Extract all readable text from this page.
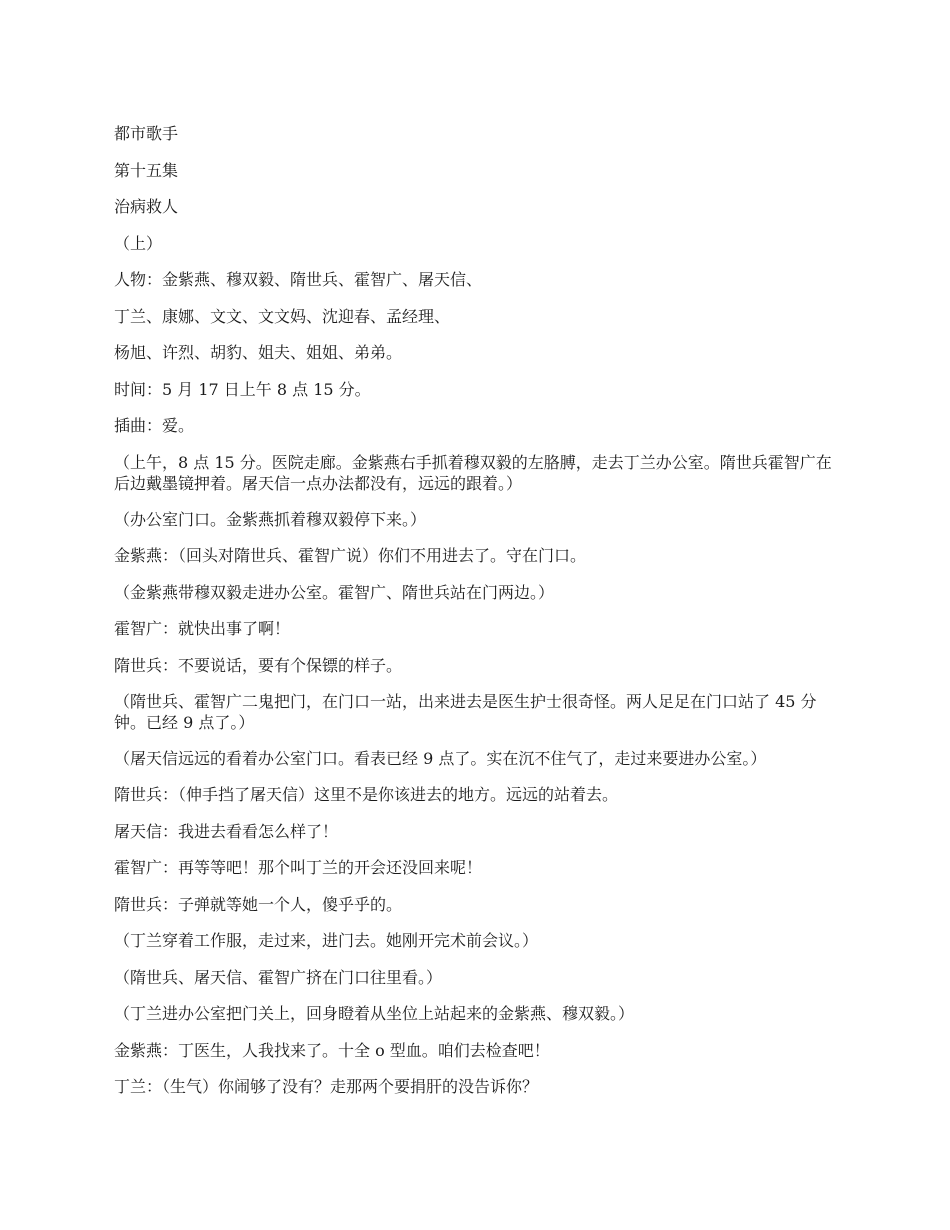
都市歌手

第十五集

治病救人

（上）

人物：金紫燕、穆双毅、隋世兵、霍智广、屠天信、

丁兰、康娜、文文、文文妈、沈迎春、孟经理、

杨旭、许烈、胡豹、姐夫、姐姐、弟弟。

时间：5 月 17 日上午 8 点 15 分。

插曲：爱。

（上午，8 点 15 分。医院走廊。金紫燕右手抓着穆双毅的左胳膊，走去丁兰办公室。隋世兵霍智广在后边戴墨镜押着。屠天信一点办法都没有，远远的跟着。）

（办公室门口。金紫燕抓着穆双毅停下来。）

金紫燕：（回头对隋世兵、霍智广说）你们不用进去了。守在门口。

（金紫燕带穆双毅走进办公室。霍智广、隋世兵站在门两边。）

霍智广：就快出事了啊！

隋世兵：不要说话，要有个保镖的样子。

（隋世兵、霍智广二鬼把门，在门口一站，出来进去是医生护士很奇怪。两人足足在门口站了 45 分钟。已经 9 点了。）

（屠天信远远的看着办公室门口。看表已经 9 点了。实在沉不住气了，走过来要进办公室。）

隋世兵：（伸手挡了屠天信）这里不是你该进去的地方。远远的站着去。

屠天信：我进去看看怎么样了！

霍智广：再等等吧！那个叫丁兰的开会还没回来呢！

隋世兵：子弹就等她一个人，傻乎乎的。

（丁兰穿着工作服，走过来，进门去。她刚开完术前会议。）

（隋世兵、屠天信、霍智广挤在门口往里看。）

（丁兰进办公室把门关上，回身瞪着从坐位上站起来的金紫燕、穆双毅。）

金紫燕：丁医生，人我找来了。十全 o 型血。咱们去检查吧！

丁兰：（生气）你闹够了没有？走那两个要捐肝的没告诉你？
